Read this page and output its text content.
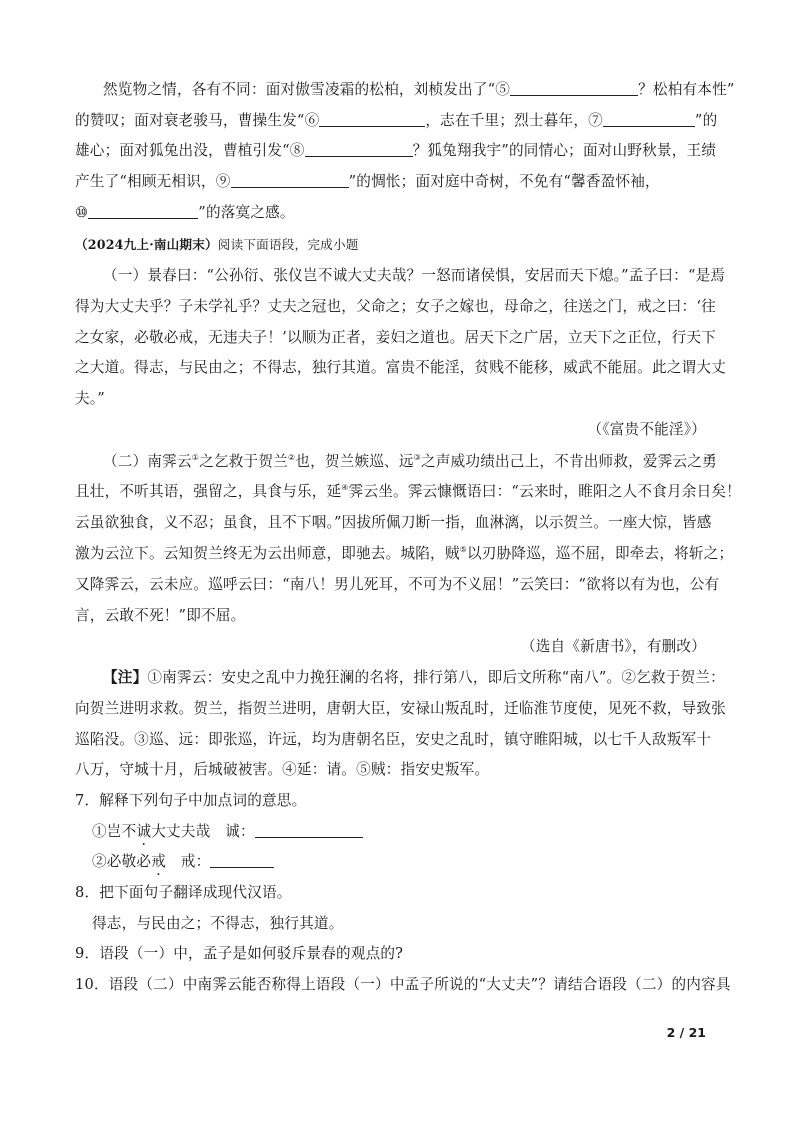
然览物之情，各有不同：面对傲雪凌霜的松柏，刘桢发出了“⑤	？松柏有本性”
的赞叹；面对衰老骏马，曹操生发“⑥	，志在千里；烈士暮年，⑦	”的
雄心；面对狐兔出没，曹植引发“⑧	？狐兔翔我宇”的同情心；面对山野秋景，王绩
产生了“相顾无相识，⑨	”的惆怅；面对庭中奇树，不免有“馨香盈怀袖，
⑩	”的落寞之感。
（2024九上·南山期末）阅读下面语段，完成小题
（一）景春曰：“公孙衍、张仪岂不诚大丈夫哉？一怒而诸侯惧，安居而天下熄。”孟子曰：“是焉
得为大丈夫乎？子未学礼乎？丈夫之冠也，父命之；女子之嫁也，母命之，往送之门，戒之曰：‘往
之女家，必敬必戒，无违夫子！’以顺为正者，妾妇之道也。居天下之广居，立天下之正位，行天下
之大道。得志，与民由之；不得志，独行其道。富贵不能淫，贫贱不能移，威武不能屈。此之谓大丈
夫。”
（《富贵不能淫》）
（二）南霁云①之乞救于贺兰②也，贺兰嫉巡、远③之声威功绩出己上，不肯出师救，爱霁云之勇
且壮，不听其语，强留之，具食与乐，延④霁云坐。霁云慷慨语曰：“云来时，睢阳之人不食月余日矣！
云虽欲独食，义不忍；虽食，且不下咽。”因拔所佩刀断一指，血淋漓，以示贺兰。一座大惊，皆感
激为云泣下。云知贺兰终无为云出师意，即驰去。城陷，贼⑤以刃胁降巡，巡不屈，即牵去，将斩之；
又降霁云，云未应。巡呼云曰：“南八！男儿死耳，不可为不义屈！”云笑曰：“欲将以有为也，公有
言，云敢不死！”即不屈。
（选自《新唐书》，有删改）
【注】①南霁云：安史之乱中力挽狂澜的名将，排行第八，即后文所称“南八”。②乞救于贺兰：
向贺兰进明求救。贺兰，指贺兰进明，唐朝大臣，安禄山叛乱时，迁临淮节度使，见死不救，导致张
巡陷没。③巡、远：即张巡，许远，均为唐朝名臣，安史之乱时，镇守睢阳城，以七千人敌叛军十
八万，守城十月，后城破被害。④延：请。⑤贼：指安史叛军。
7．解释下列句子中加点词的意思。
①岂不诚大丈夫哉　诚：
②必敬必戒　戒：
8．把下面句子翻译成现代汉语。
得志，与民由之；不得志，独行其道。
9．语段（一）中，孟子是如何驳斥景春的观点的?
10．语段（二）中南霁云能否称得上语段（一）中孟子所说的“大丈夫”？请结合语段（二）的内容具
2 / 21
